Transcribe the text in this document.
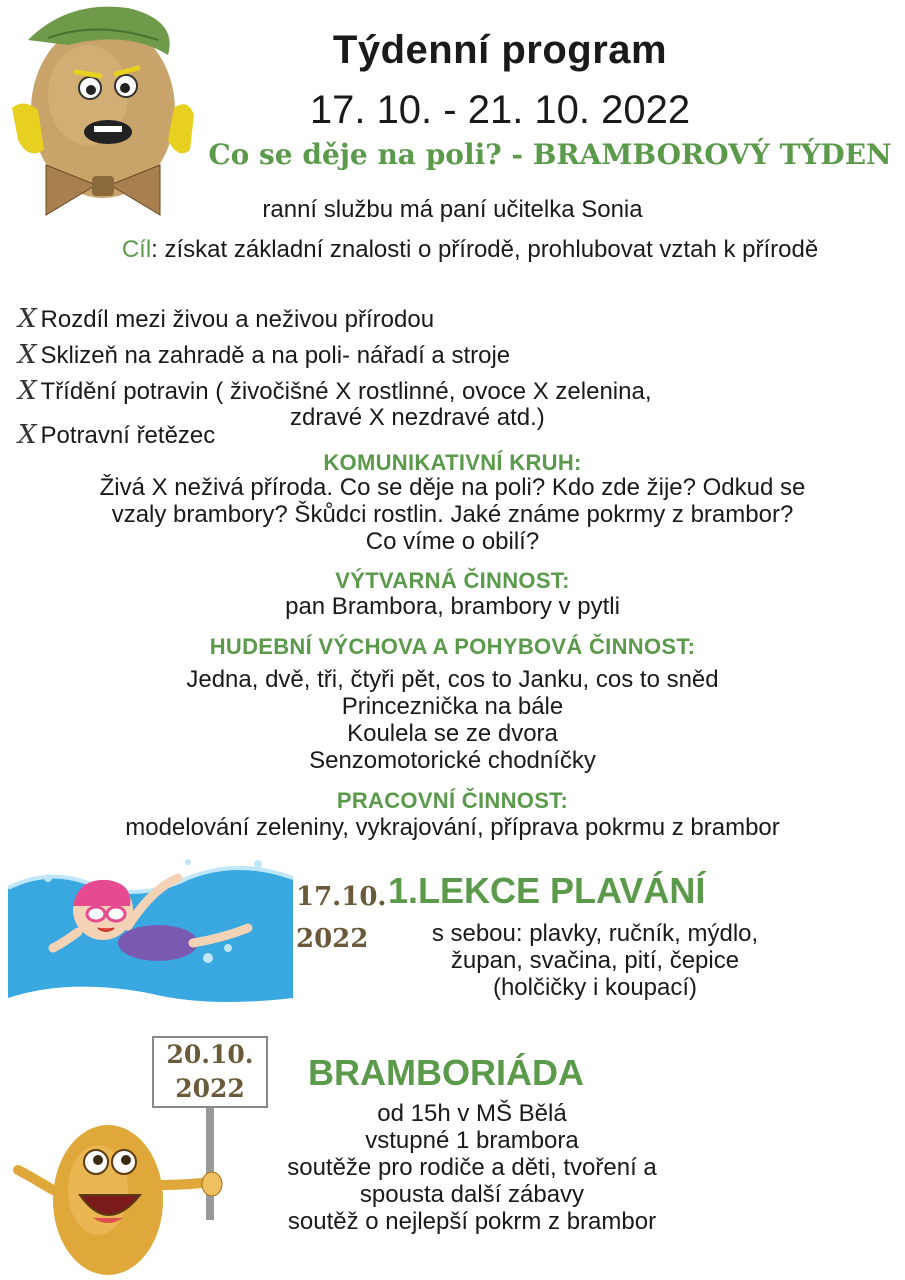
Týdenní program
17. 10. - 21. 10. 2022
Co se děje na poli? - BRAMBOROVÝ TÝDEN
ranní službu má paní učitelka Sonia
Cíl: získat základní znalosti o přírodě, prohlubovat vztah k přírodě
X Rozdíl mezi živou a neživou přírodou
X Sklizeň na zahradě a na poli- nářadí a stroje
X Třídění potravin ( živočišné X rostlinné, ovoce X zelenina,
zdravé X nezdravé atd.)
X Potravní řetězec
KOMUNIKATIVNÍ KRUH:
Živá X neživá příroda. Co se děje na poli? Kdo zde žije? Odkud se
vzaly brambory? Škůdci rostlin. Jaké známe pokrmy z brambor?
Co víme o obilí?
VÝTVARNÁ ČINNOST:
pan Brambora, brambory v pytli
HUDEBNÍ VÝCHOVA A POHYBOVÁ ČINNOST:
Jedna, dvě, tři, čtyři pět, cos to Janku, cos to sněd
Princeznička na bále
Koulela se ze dvora
Senzomotorické chodníčky
PRACOVNÍ ČINNOST:
modelování zeleniny, vykrajování, příprava pokrmu z brambor
17.10.
2022
1.LEKCE PLAVÁNÍ
s sebou: plavky, ručník, mýdlo,
župan, svačina, pití, čepice
(holčičky i koupací)
20.10.
2022	BRAMBORIÁDA
od 15h v MŠ Bělá
vstupné 1 brambora
soutěže pro rodiče a děti, tvoření a
spousta další zábavy
soutěž o nejlepší pokrm z brambor
